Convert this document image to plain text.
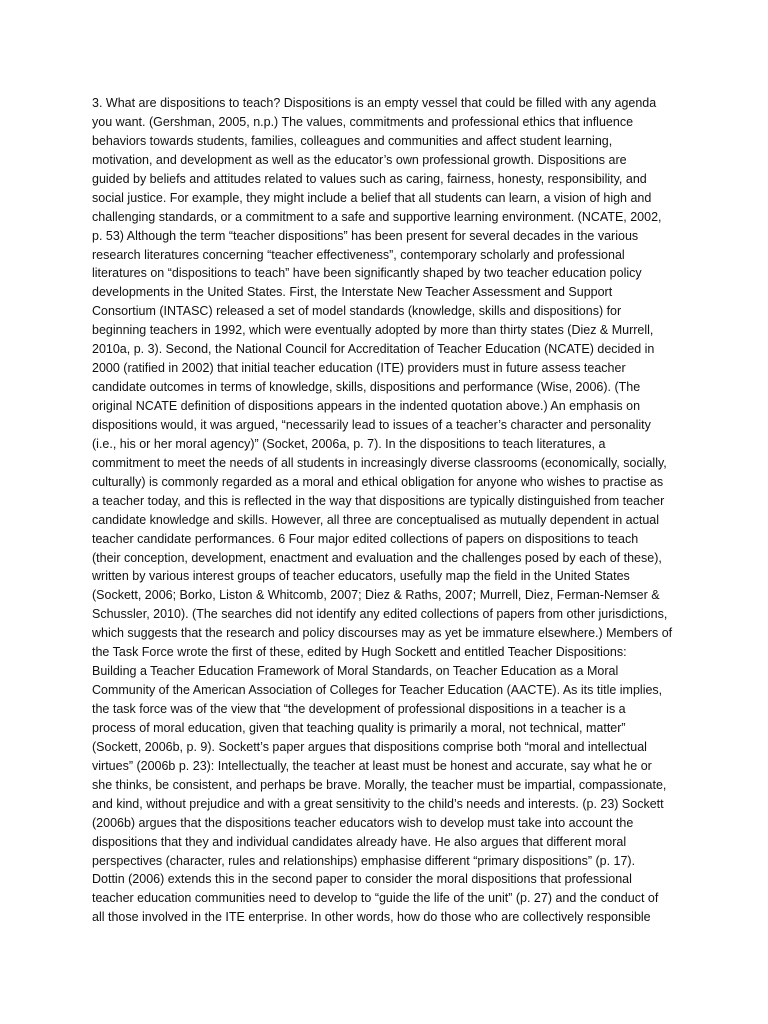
3. What are dispositions to teach? Dispositions is an empty vessel that could be filled with any agenda
you want. (Gershman, 2005, n.p.) The values, commitments and professional ethics that influence
behaviors towards students, families, colleagues and communities and affect student learning,
motivation, and development as well as the educator’s own professional growth. Dispositions are
guided by beliefs and attitudes related to values such as caring, fairness, honesty, responsibility, and
social justice. For example, they might include a belief that all students can learn, a vision of high and
challenging standards, or a commitment to a safe and supportive learning environment. (NCATE, 2002,
p. 53) Although the term “teacher dispositions” has been present for several decades in the various
research literatures concerning “teacher effectiveness”, contemporary scholarly and professional
literatures on “dispositions to teach” have been significantly shaped by two teacher education policy
developments in the United States. First, the Interstate New Teacher Assessment and Support
Consortium (INTASC) released a set of model standards (knowledge, skills and dispositions) for
beginning teachers in 1992, which were eventually adopted by more than thirty states (Diez & Murrell,
2010a, p. 3). Second, the National Council for Accreditation of Teacher Education (NCATE) decided in
2000 (ratified in 2002) that initial teacher education (ITE) providers must in future assess teacher
candidate outcomes in terms of knowledge, skills, dispositions and performance (Wise, 2006). (The
original NCATE definition of dispositions appears in the indented quotation above.) An emphasis on
dispositions would, it was argued, “necessarily lead to issues of a teacher’s character and personality
(i.e., his or her moral agency)” (Socket, 2006a, p. 7). In the dispositions to teach literatures, a
commitment to meet the needs of all students in increasingly diverse classrooms (economically, socially,
culturally) is commonly regarded as a moral and ethical obligation for anyone who wishes to practise as
a teacher today, and this is reflected in the way that dispositions are typically distinguished from teacher
candidate knowledge and skills. However, all three are conceptualised as mutually dependent in actual
teacher candidate performances. 6 Four major edited collections of papers on dispositions to teach
(their conception, development, enactment and evaluation and the challenges posed by each of these),
written by various interest groups of teacher educators, usefully map the field in the United States
(Sockett, 2006; Borko, Liston & Whitcomb, 2007; Diez & Raths, 2007; Murrell, Diez, Ferman-Nemser &
Schussler, 2010). (The searches did not identify any edited collections of papers from other jurisdictions,
which suggests that the research and policy discourses may as yet be immature elsewhere.) Members of
the Task Force wrote the first of these, edited by Hugh Sockett and entitled Teacher Dispositions:
Building a Teacher Education Framework of Moral Standards, on Teacher Education as a Moral
Community of the American Association of Colleges for Teacher Education (AACTE). As its title implies,
the task force was of the view that “the development of professional dispositions in a teacher is a
process of moral education, given that teaching quality is primarily a moral, not technical, matter”
(Sockett, 2006b, p. 9). Sockett’s paper argues that dispositions comprise both “moral and intellectual
virtues” (2006b p. 23): Intellectually, the teacher at least must be honest and accurate, say what he or
she thinks, be consistent, and perhaps be brave. Morally, the teacher must be impartial, compassionate,
and kind, without prejudice and with a great sensitivity to the child’s needs and interests. (p. 23) Sockett
(2006b) argues that the dispositions teacher educators wish to develop must take into account the
dispositions that they and individual candidates already have. He also argues that different moral
perspectives (character, rules and relationships) emphasise different “primary dispositions” (p. 17).
Dottin (2006) extends this in the second paper to consider the moral dispositions that professional
teacher education communities need to develop to “guide the life of the unit” (p. 27) and the conduct of
all those involved in the ITE enterprise. In other words, how do those who are collectively responsible
